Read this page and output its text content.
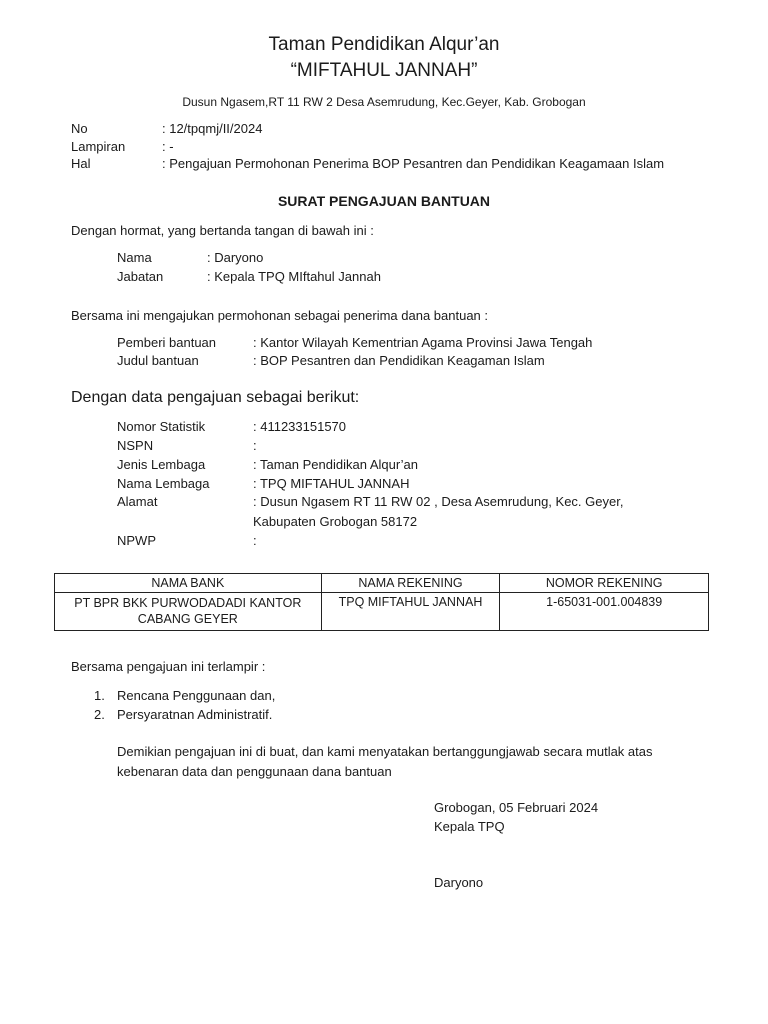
Taman Pendidikan Alqur’an
“MIFTAHUL JANNAH”
Dusun Ngasem,RT 11 RW 2 Desa Asemrudung, Kec.Geyer, Kab. Grobogan
No	: 12/tpqmj/II/2024
Lampiran	: -
Hal	: Pengajuan Permohonan Penerima BOP Pesantren dan Pendidikan Keagamaan Islam
SURAT PENGAJUAN BANTUAN
Dengan hormat, yang bertanda tangan di bawah ini :
Nama	: Daryono
Jabatan	: Kepala TPQ MIftahul Jannah
Bersama ini mengajukan permohonan sebagai penerima dana bantuan :
Pemberi bantuan	: Kantor Wilayah Kementrian Agama Provinsi Jawa Tengah
Judul bantuan	: BOP Pesantren dan Pendidikan Keagaman Islam
Dengan data pengajuan sebagai berikut:
Nomor Statistik	: 411233151570
NSPN	:
Jenis Lembaga	: Taman Pendidikan Alqur’an
Nama Lembaga	: TPQ MIFTAHUL JANNAH
Alamat	: Dusun Ngasem RT 11 RW 02 , Desa Asemrudung, Kec. Geyer,
Kabupaten Grobogan 58172
NPWP	:
NAMA BANK	NAMA REKENING	NOMOR REKENING
PT BPR BKK PURWODADADI KANTOR CABANG GEYER	TPQ MIFTAHUL JANNAH	1-65031-001.004839
Bersama pengajuan ini terlampir :
1. Rencana Penggunaan dan,
2. Persyaratnan Administratif.
Demikian pengajuan ini di buat, dan kami menyatakan bertanggungjawab secara mutlak atas
kebenaran data dan penggunaan dana bantuan
Grobogan, 05 Februari 2024
Kepala TPQ
Daryono
